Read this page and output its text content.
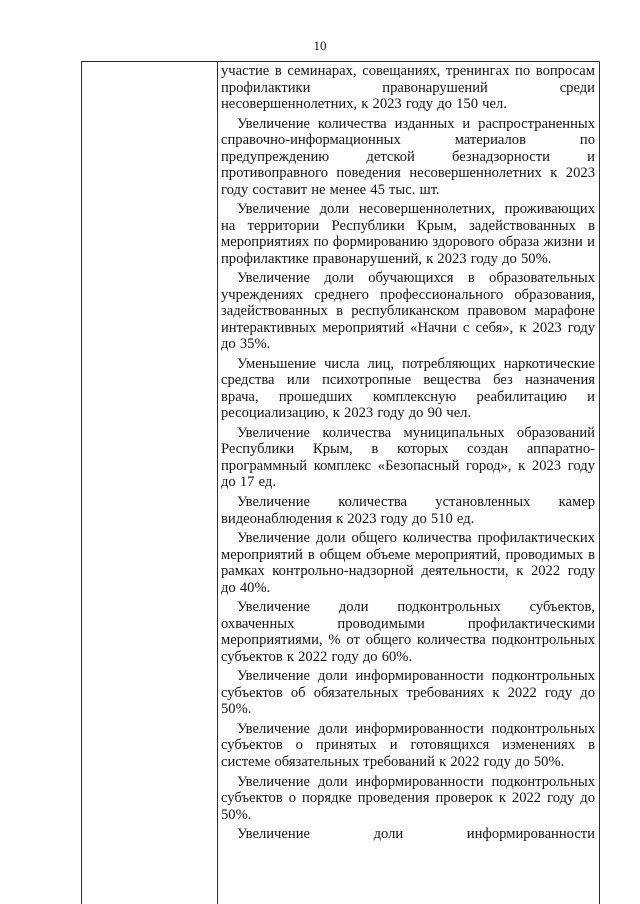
10

участие в семинарах, совещаниях, тренингах по вопросам профилактики правонарушений среди несовершеннолетних, к 2023 году до 150 чел.

Увеличение количества изданных и распространенных справочно-информационных материалов по предупреждению детской безнадзорности и противоправного поведения несовершеннолетних к 2023 году составит не менее 45 тыс. шт.

Увеличение доли несовершеннолетних, проживающих на территории Республики Крым, задействованных в мероприятиях по формированию здорового образа жизни и профилактике правонарушений, к 2023 году до 50%.

Увеличение доли обучающихся в образовательных учреждениях среднего профессионального образования, задействованных в республиканском правовом марафоне интерактивных мероприятий «Начни с себя», к 2023 году до 35%.

Уменьшение числа лиц, потребляющих наркотические средства или психотропные вещества без назначения врача, прошедших комплексную реабилитацию и ресоциализацию, к 2023 году до 90 чел.

Увеличение количества муниципальных образований Республики Крым, в которых создан аппаратно-программный комплекс «Безопасный город», к 2023 году до 17 ед.

Увеличение количества установленных камер видеонаблюдения к 2023 году до 510 ед.

Увеличение доли общего количества профилактических мероприятий в общем объеме мероприятий, проводимых в рамках контрольно-надзорной деятельности, к 2022 году до 40%.

Увеличение доли подконтрольных субъектов, охваченных проводимыми профилактическими мероприятиями, % от общего количества подконтрольных субъектов к 2022 году до 60%.

Увеличение доли информированности подконтрольных субъектов об обязательных требованиях к 2022 году до 50%.

Увеличение доли информированности подконтрольных субъектов о принятых и готовящихся изменениях в системе обязательных требований к 2022 году до 50%.

Увеличение доли информированности подконтрольных субъектов о порядке проведения проверок к 2022 году до 50%.

Увеличение доли информированности
